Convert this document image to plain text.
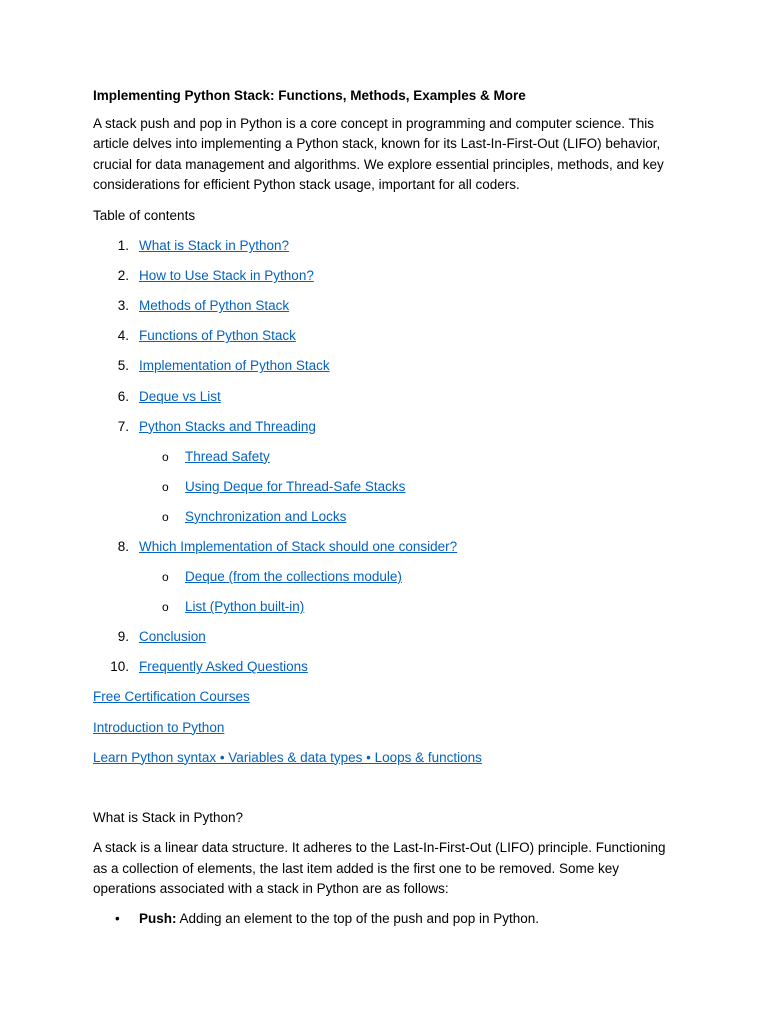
Implementing Python Stack: Functions, Methods, Examples & More
A stack push and pop in Python is a core concept in programming and computer science. This article delves into implementing a Python stack, known for its Last-In-First-Out (LIFO) behavior, crucial for data management and algorithms. We explore essential principles, methods, and key considerations for efficient Python stack usage, important for all coders.
Table of contents
1. What is Stack in Python?
2. How to Use Stack in Python?
3. Methods of Python Stack
4. Functions of Python Stack
5. Implementation of Python Stack
6. Deque vs List
7. Python Stacks and Threading
o Thread Safety
o Using Deque for Thread-Safe Stacks
o Synchronization and Locks
8. Which Implementation of Stack should one consider?
o Deque (from the collections module)
o List (Python built-in)
9. Conclusion
10. Frequently Asked Questions
Free Certification Courses
Introduction to Python
Learn Python syntax • Variables & data types • Loops & functions
What is Stack in Python?
A stack is a linear data structure. It adheres to the Last-In-First-Out (LIFO) principle. Functioning as a collection of elements, the last item added is the first one to be removed. Some key operations associated with a stack in Python are as follows:
•	Push: Adding an element to the top of the push and pop in Python.
